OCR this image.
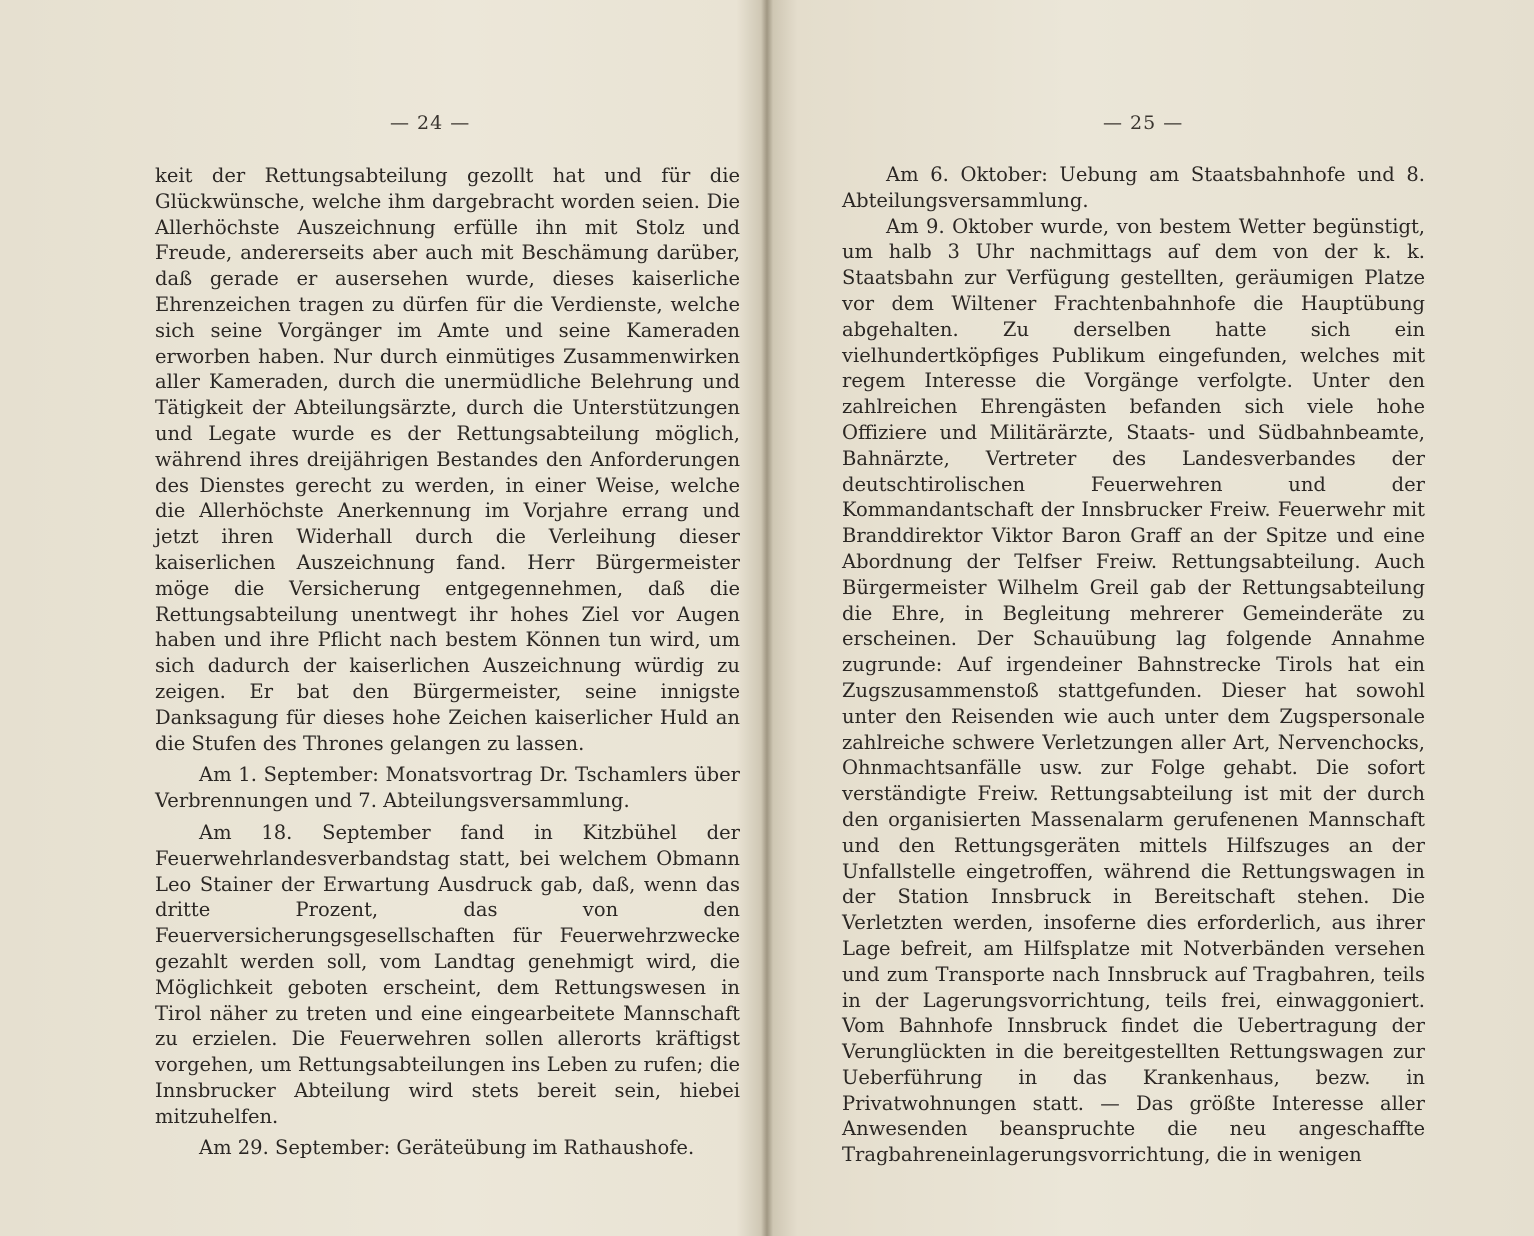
— 24 —

keit der Rettungsabteilung gezollt hat und für die Glückwünsche, welche ihm dargebracht worden seien. Die Allerhöchste Auszeichnung erfülle ihn mit Stolz und Freude, andererseits aber auch mit Beschämung darüber, daß gerade er ausersehen wurde, dieses kaiserliche Ehrenzeichen tragen zu dürfen für die Verdienste, welche sich seine Vorgänger im Amte und seine Kameraden erworben haben. Nur durch einmütiges Zusammenwirken aller Kameraden, durch die unermüdliche Belehrung und Tätigkeit der Abteilungsärzte, durch die Unterstützungen und Legate wurde es der Rettungsabteilung möglich, während ihres dreijährigen Bestandes den Anforderungen des Dienstes gerecht zu werden, in einer Weise, welche die Allerhöchste Anerkennung im Vorjahre errang und jetzt ihren Widerhall durch die Verleihung dieser kaiserlichen Auszeichnung fand. Herr Bürgermeister möge die Versicherung entgegennehmen, daß die Rettungsabteilung unentwegt ihr hohes Ziel vor Augen haben und ihre Pflicht nach bestem Können tun wird, um sich dadurch der kaiserlichen Auszeichnung würdig zu zeigen. Er bat den Bürgermeister, seine innigste Danksagung für dieses hohe Zeichen kaiserlicher Huld an die Stufen des Thrones gelangen zu lassen.

Am 1. September: Monatsvortrag Dr. Tschamlers über Verbrennungen und 7. Abteilungsversammlung.

Am 18. September fand in Kitzbühel der Feuerwehrlandesverbandstag statt, bei welchem Obmann Leo Stainer der Erwartung Ausdruck gab, daß, wenn das dritte Prozent, das von den Feuerversicherungsgesellschaften für Feuerwehrzwecke gezahlt werden soll, vom Landtag genehmigt wird, die Möglichkeit geboten erscheint, dem Rettungswesen in Tirol näher zu treten und eine eingearbeitete Mannschaft zu erzielen. Die Feuerwehren sollen allerorts kräftigst vorgehen, um Rettungsabteilungen ins Leben zu rufen; die Innsbrucker Abteilung wird stets bereit sein, hiebei mitzuhelfen.

Am 29. September: Geräteübung im Rathaushofe.

— 25 —

Am 6. Oktober: Uebung am Staatsbahnhofe und 8. Abteilungsversammlung.

Am 9. Oktober wurde, von bestem Wetter begünstigt, um halb 3 Uhr nachmittags auf dem von der k. k. Staatsbahn zur Verfügung gestellten, geräumigen Platze vor dem Wiltener Frachtenbahnhofe die Hauptübung abgehalten. Zu derselben hatte sich ein vielhundertköpfiges Publikum eingefunden, welches mit regem Interesse die Vorgänge verfolgte. Unter den zahlreichen Ehrengästen befanden sich viele hohe Offiziere und Militärärzte, Staats- und Südbahnbeamte, Bahnärzte, Vertreter des Landesverbandes der deutschtirolischen Feuerwehren und der Kommandantschaft der Innsbrucker Freiw. Feuerwehr mit Branddirektor Viktor Baron Graff an der Spitze und eine Abordnung der Telfser Freiw. Rettungsabteilung. Auch Bürgermeister Wilhelm Greil gab der Rettungsabteilung die Ehre, in Begleitung mehrerer Gemeinderäte zu erscheinen. Der Schauübung lag folgende Annahme zugrunde: Auf irgendeiner Bahnstrecke Tirols hat ein Zugszusammenstoß stattgefunden. Dieser hat sowohl unter den Reisenden wie auch unter dem Zugspersonale zahlreiche schwere Verletzungen aller Art, Nervenchocks, Ohnmachtsanfälle usw. zur Folge gehabt. Die sofort verständigte Freiw. Rettungsabteilung ist mit der durch den organisierten Massenalarm gerufenenen Mannschaft und den Rettungsgeräten mittels Hilfszuges an der Unfallstelle eingetroffen, während die Rettungswagen in der Station Innsbruck in Bereitschaft stehen. Die Verletzten werden, insoferne dies erforderlich, aus ihrer Lage befreit, am Hilfsplatze mit Notverbänden versehen und zum Transporte nach Innsbruck auf Tragbahren, teils in der Lagerungsvorrichtung, teils frei, einwaggoniert. Vom Bahnhofe Innsbruck findet die Uebertragung der Verunglückten in die bereitgestellten Rettungswagen zur Ueberführung in das Krankenhaus, bezw. in Privatwohnungen statt. — Das größte Interesse aller Anwesenden beanspruchte die neu angeschaffte Tragbahreneinlagerungsvorrichtung, die in wenigen
